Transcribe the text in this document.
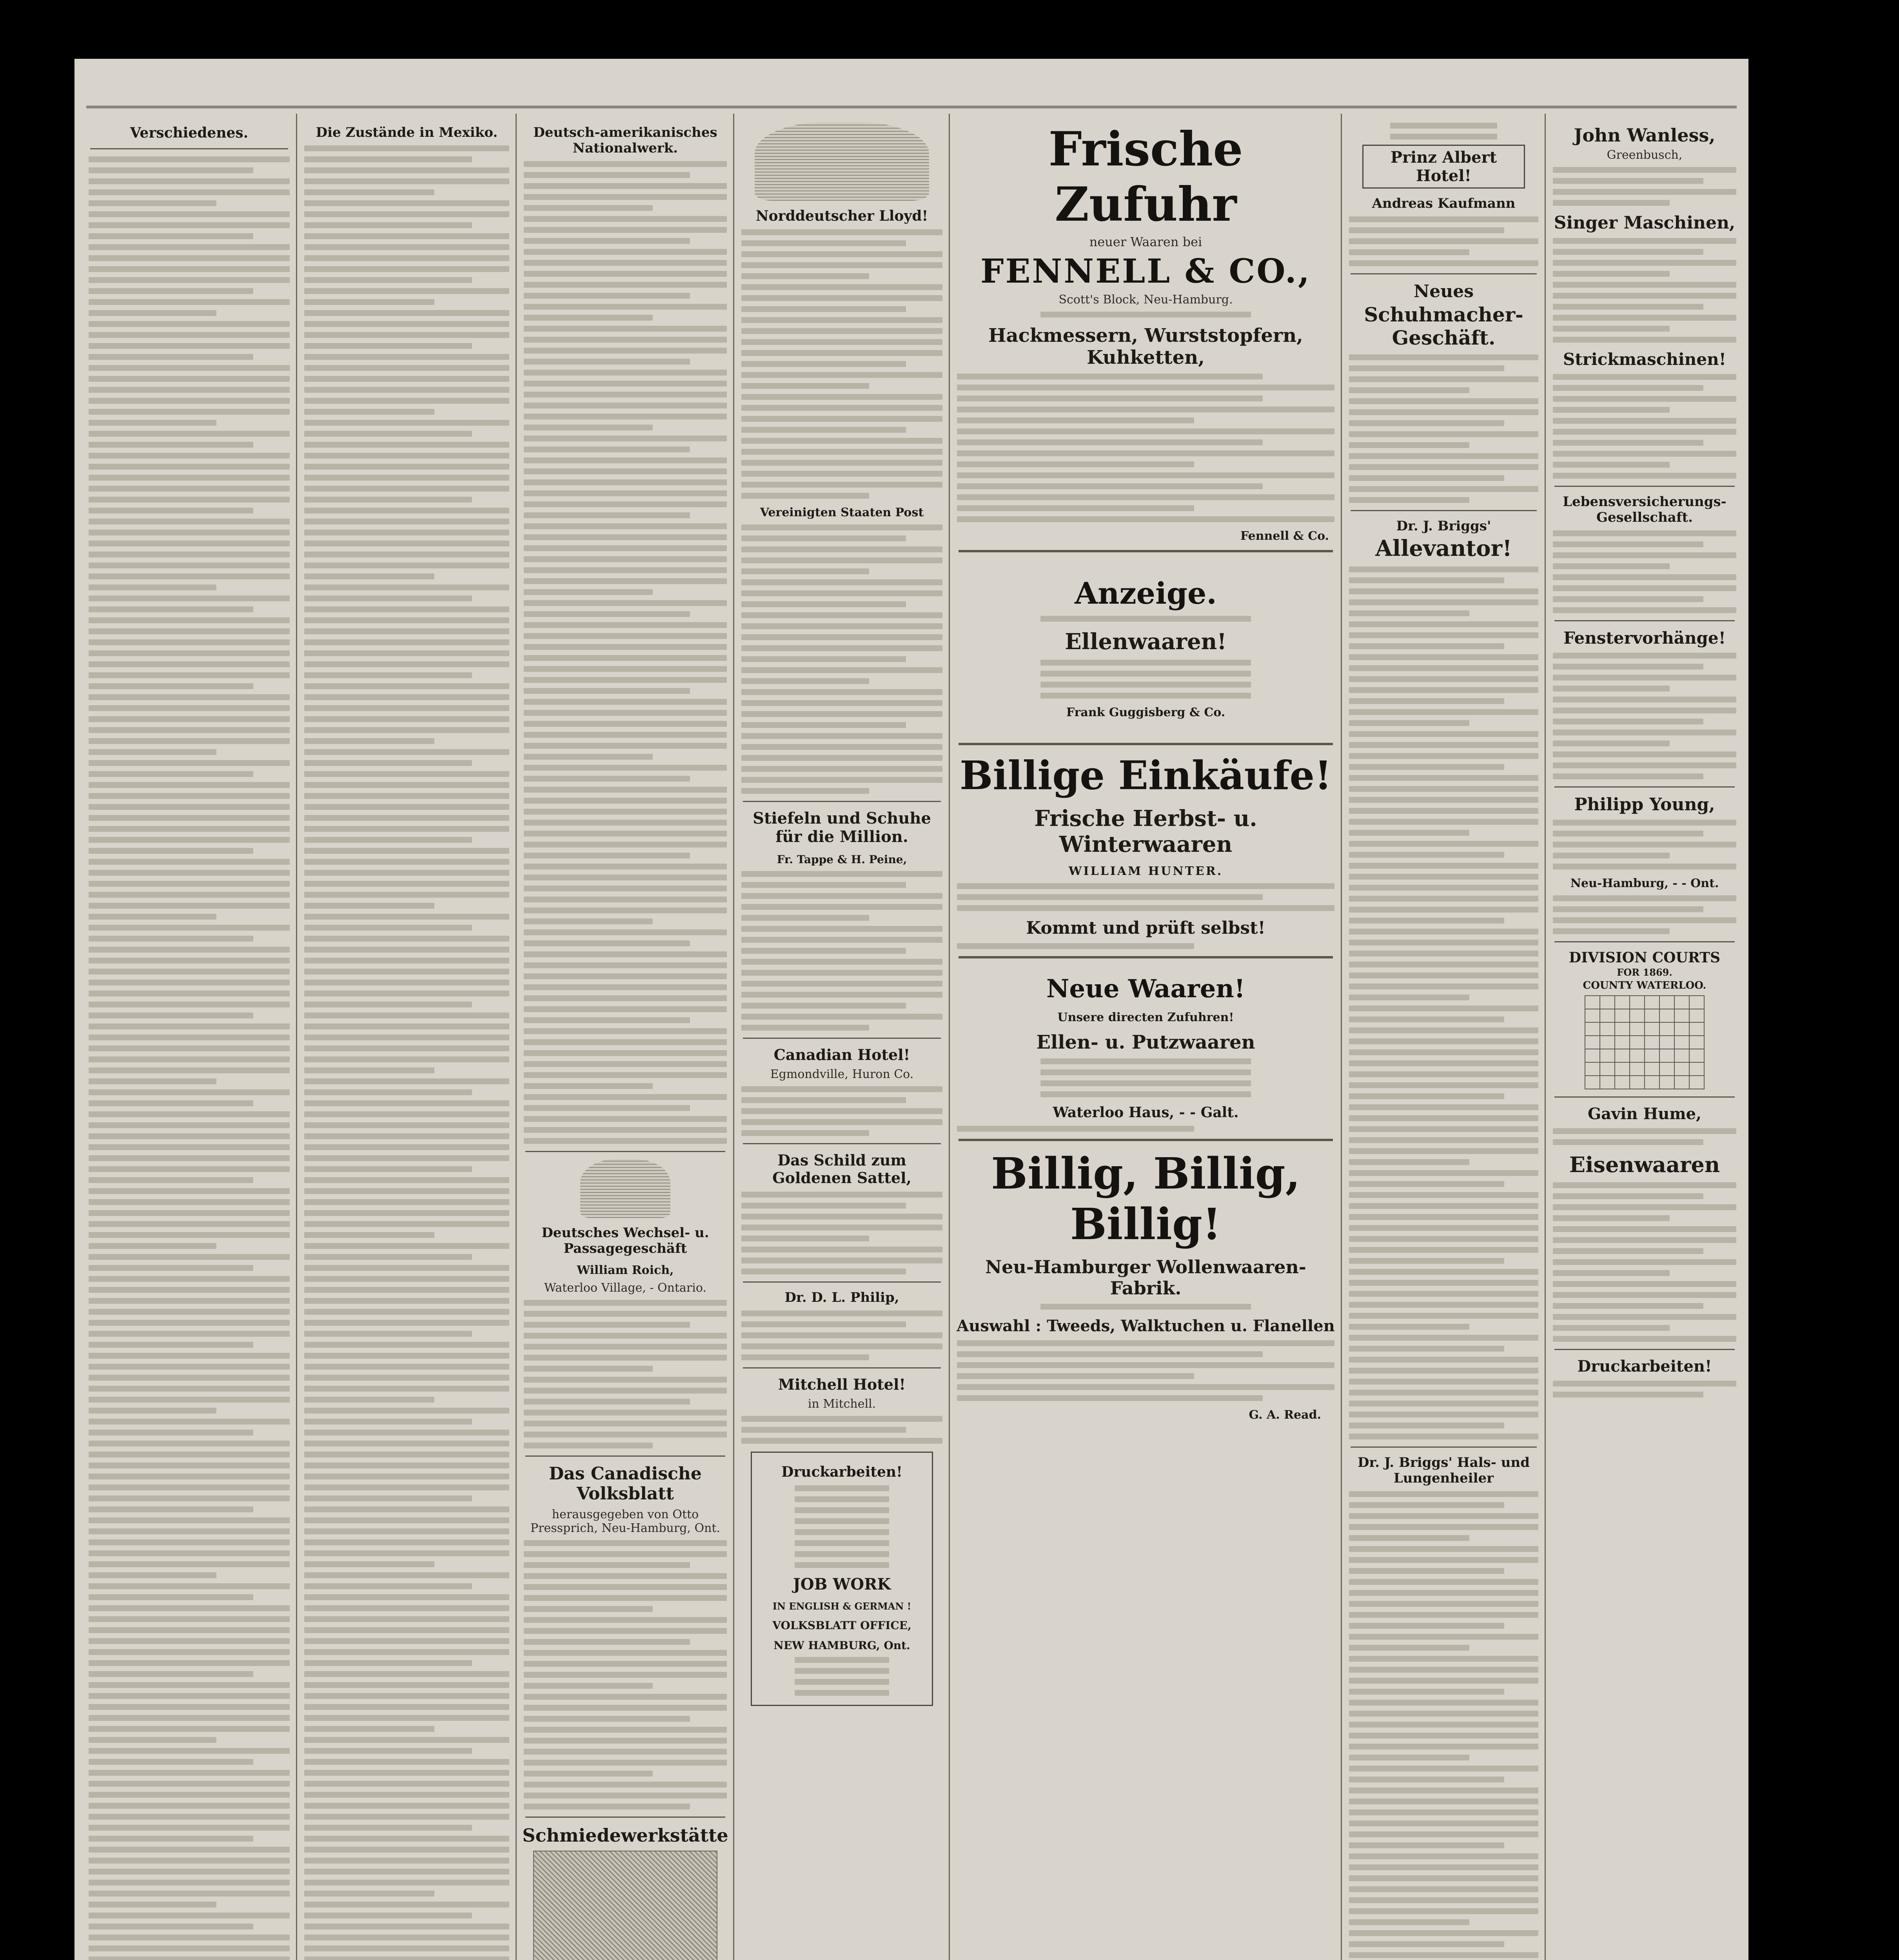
Verschiedenes.	Die Zustände in Mexiko.	Deutsch-amerikanisches Nationalwerk.
Deutsches Wechsel- u. Passagegeschäft
William Roich,
Waterloo Village, - Ontario.
Das Canadische Volksblatt
herausgegeben von Otto Pressprich, Neu-Hamburg, Ont.
Schmiedewerkstätte
Norddeutscher Lloyd!
Vereinigten Staaten Post
Stiefeln und Schuhe für die Million.
Fr. Tappe & H. Peine,
Canadian Hotel!
Egmondville, Huron Co.
Das Schild zum Goldenen Sattel,
Dr. D. L. Philip,
Mitchell Hotel!
in Mitchell.
Druckarbeiten!
JOB WORK
IN ENGLISH & GERMAN !
VOLKSBLATT OFFICE,
NEW HAMBURG, Ont.
Frische Zufuhr
neuer Waaren bei
FENNELL & CO.,
Scott's Block, Neu-Hamburg.
Hackmessern, Wurststopfern, Kuhketten,
Fennell & Co.
Anzeige.
Ellenwaaren!
Frank Guggisberg & Co.
Billige Einkäufe!
Frische Herbst- u. Winterwaaren
WILLIAM HUNTER.
Kommt und prüft selbst!
Neue Waaren!
Unsere directen Zufuhren!
Ellen- u. Putzwaaren
Waterloo Haus, - - Galt.
Billig, Billig, Billig!
Neu-Hamburger Wollenwaaren-Fabrik.
Auswahl : Tweeds, Walktuchen u. Flanellen
G. A. Read.
Prinz Albert Hotel!
Andreas Kaufmann
Neues
Schuhmacher-Geschäft.
Dr. J. Briggs'
Allevantor!
Dr. J. Briggs' Hals- und Lungenheiler
John Wanless,
Greenbusch,
Singer Maschinen,
Strickmaschinen!
Lebensversicherungs-Gesellschaft.
Fenstervorhänge!
Philipp Young,
Neu-Hamburg, - - Ont.
DIVISION COURTS
FOR 1869.
COUNTY WATERLOO.

Gavin Hume,
Eisenwaaren
Druckarbeiten!
